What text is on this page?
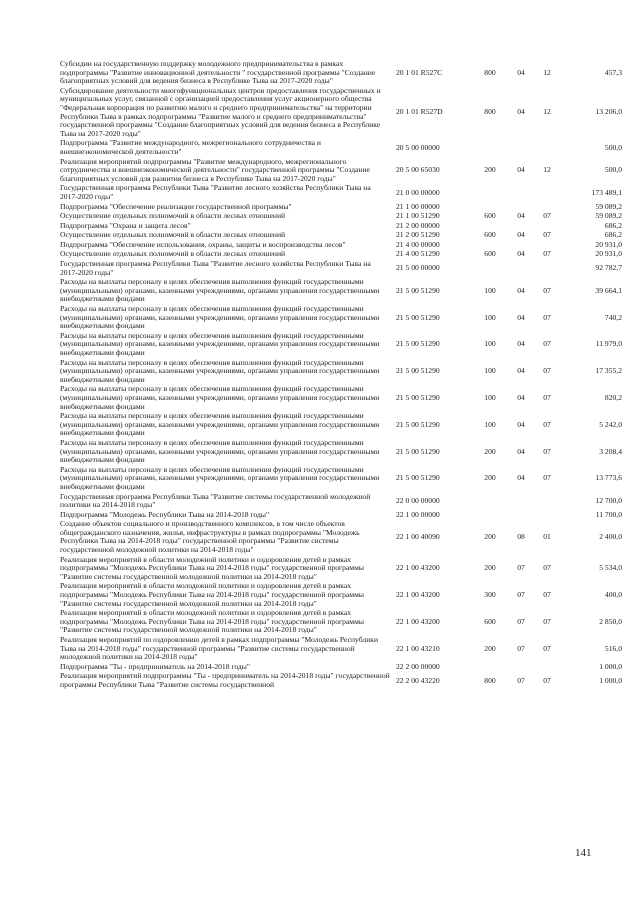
Субсидии на государственную поддержку молодежного предпринимательства в рамках подпрограммы "Развитие инновационной деятельности " государственной программы "Создание благоприятных условий для ведения бизнеса в Республике Тыва на 2017-2020 годы"	20 1 01 R527C	800	04	12	457,3
Субсидирование деятельности многофункциональных центров предоставления государственных и муниципальных услуг, связанной с организацией предоставления услуг акционерного общества "Федеральная корпорация по развитию малого и среднего предпринимательства" на территории Республики Тыва в рамках подпрограммы "Развитие малого и среднего предпринимательства" государственной программы "Создание благоприятных условий для ведения бизнеса в Республике Тыва на 2017-2020 годы"	20 1 01 R527D	800	04	12	13 206,0
Подпрограмма "Развитие международного, межрегионального сотрудничества и внешнеэкономической деятельности"	20 5 00 00000				500,0
Реализация мероприятий подпрограммы "Развитие международного, межрегионального сотрудничества и внешнеэкономической деятельности" государственной программы "Создание благоприятных условий для развития бизнеса в Республике Тыва на 2017-2020 годы"	20 5 00 65030	200	04	12	500,0
Государственная программа Республики Тыва "Развитие лесного хозяйства Республики Тыва на 2017-2020 годы"	21 0 00 00000				173 489,1
Подпрограмма "Обеспечение реализации государственной программы"	21 1 00 00000				59 089,2
Осуществление отдельных полномочий в области лесных отношений	21 1 00 51290	600	04	07	59 089,2
Подпрограмма "Охрана и защита лесов"	21 2 00 00000				686,2
Осуществление отдельных полномочий в области лесных отношений	21 2 00 51290	600	04	07	686,2
Подпрограмма "Обеспечение использования, охраны, защиты и воспроизводства лесов"	21 4 00 00000				20 931,0
Осуществление отдельных полномочий в области лесных отношений	21 4 00 51290	600	04	07	20 931,0
Государственная программа Республики Тыва "Развитие лесного хозяйства Республики Тыва на 2017-2020 годы"	21 5 00 00000				92 782,7
Расходы на выплаты персоналу в целях обеспечения выполнения функций государственными (муниципальными) органами, казенными учреждениями, органами управления государственными внебюджетными фондами	21 5 00 51290	100	04	07	39 664,1
Расходы на выплаты персоналу в целях обеспечения выполнения функций государственными (муниципальными) органами, казенными учреждениями, органами управления государственными внебюджетными фондами	21 5 00 51290	100	04	07	740,2
Расходы на выплаты персоналу в целях обеспечения выполнения функций государственными (муниципальными) органами, казенными учреждениями, органами управления государственными внебюджетными фондами	21 5 00 51290	100	04	07	11 979,0
Расходы на выплаты персоналу в целях обеспечения выполнения функций государственными (муниципальными) органами, казенными учреждениями, органами управления государственными внебюджетными фондами	21 5 00 51290	100	04	07	17 355,2
Расходы на выплаты персоналу в целях обеспечения выполнения функций государственными (муниципальными) органами, казенными учреждениями, органами управления государственными внебюджетными фондами	21 5 00 51290	100	04	07	820,2
Расходы на выплаты персоналу в целях обеспечения выполнения функций государственными (муниципальными) органами, казенными учреждениями, органами управления государственными внебюджетными фондами	21 5 00 51290	100	04	07	5 242,0
Расходы на выплаты персоналу в целях обеспечения выполнения функций государственными (муниципальными) органами, казенными учреждениями, органами управления государственными внебюджетными фондами	21 5 00 51290	200	04	07	3 208,4
Расходы на выплаты персоналу в целях обеспечения выполнения функций государственными (муниципальными) органами, казенными учреждениями, органами управления государственными внебюджетными фондами	21 5 00 51290	200	04	07	13 773,6
Государственная программа Республики Тыва "Развитие системы государственной молодежной политики на 2014-2018 годы"	22 0 00 00000				12 700,0
Подпрограмма "Молодежь Республики Тыва на 2014-2018 годы"	22 1 00 00000				11 700,0
Создание объектов социального и производственного комплексов, в том числе объектов общегражданского назначения, жилья, инфраструктуры в рамках подпрограммы "Молодежь Республики Тыва на 2014-2018 годы" государственной программы "Развитие системы государственной молодежной политики на 2014-2018 годы"	22 1 00 40090	200	08	01	2 400,0
Реализация мероприятий в области молодежной политики и оздоровления детей в рамках подпрограммы "Молодежь Республики Тыва на 2014-2018 годы" государственной программы "Развитие системы государственной молодежной политики на 2014-2018 годы"	22 1 00 43200	200	07	07	5 534,0
Реализация мероприятий в области молодежной политики и оздоровления детей в рамках подпрограммы "Молодежь Республики Тыва на 2014-2018 годы" государственной программы "Развитие системы государственной молодежной политики на 2014-2018 годы"	22 1 00 43200	300	07	07	400,0
Реализация мероприятий в области молодежной политики и оздоровления детей в рамках подпрограммы "Молодежь Республики Тыва на 2014-2018 годы" государственной программы "Развитие системы государственной молодежной политики на 2014-2018 годы"	22 1 00 43200	600	07	07	2 850,0
Реализация мероприятий по оздоровлению детей в рамках подпрограммы "Молодежь Республики Тыва на 2014-2018 годы" государственной программы "Развитие системы государственной молодежной политики на 2014-2018 годы"	22 1 00 43210	200	07	07	516,0
Подпрограмма "Ты - предприниматель на 2014-2018 годы"	22 2 00 00000				1 000,0
Реализация мероприятий подпрограммы "Ты - предприниматель на 2014-2018 годы" государственной программы Республики Тыва "Развитие системы государственной	22 2 00 43220	800	07	07	1 000,0
141
